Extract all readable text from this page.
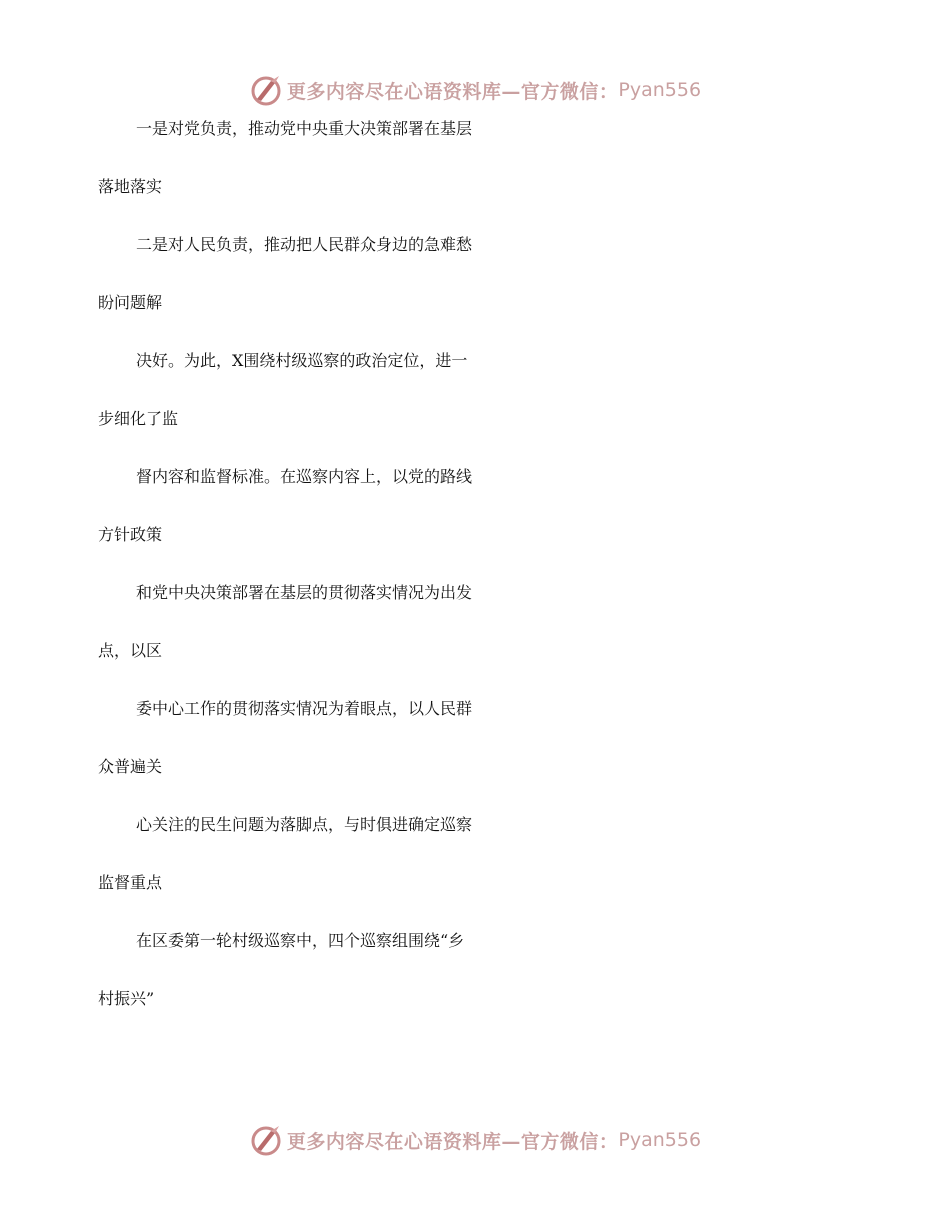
更多内容尽在心语资料库—官方微信： Pyan556
一是对党负责，推动党中央重大决策部署在基层
落地落实
二是对人民负责，推动把人民群众身边的急难愁
盼问题解
决好。为此，X围绕村级巡察的政治定位，进一
步细化了监
督内容和监督标准。在巡察内容上，以党的路线
方针政策
和党中央决策部署在基层的贯彻落实情况为出发
点，以区
委中心工作的贯彻落实情况为着眼点，以人民群
众普遍关
心关注的民生问题为落脚点，与时俱进确定巡察
监督重点
在区委第一轮村级巡察中，四个巡察组围绕“乡
村振兴”
更多内容尽在心语资料库—官方微信： Pyan556
